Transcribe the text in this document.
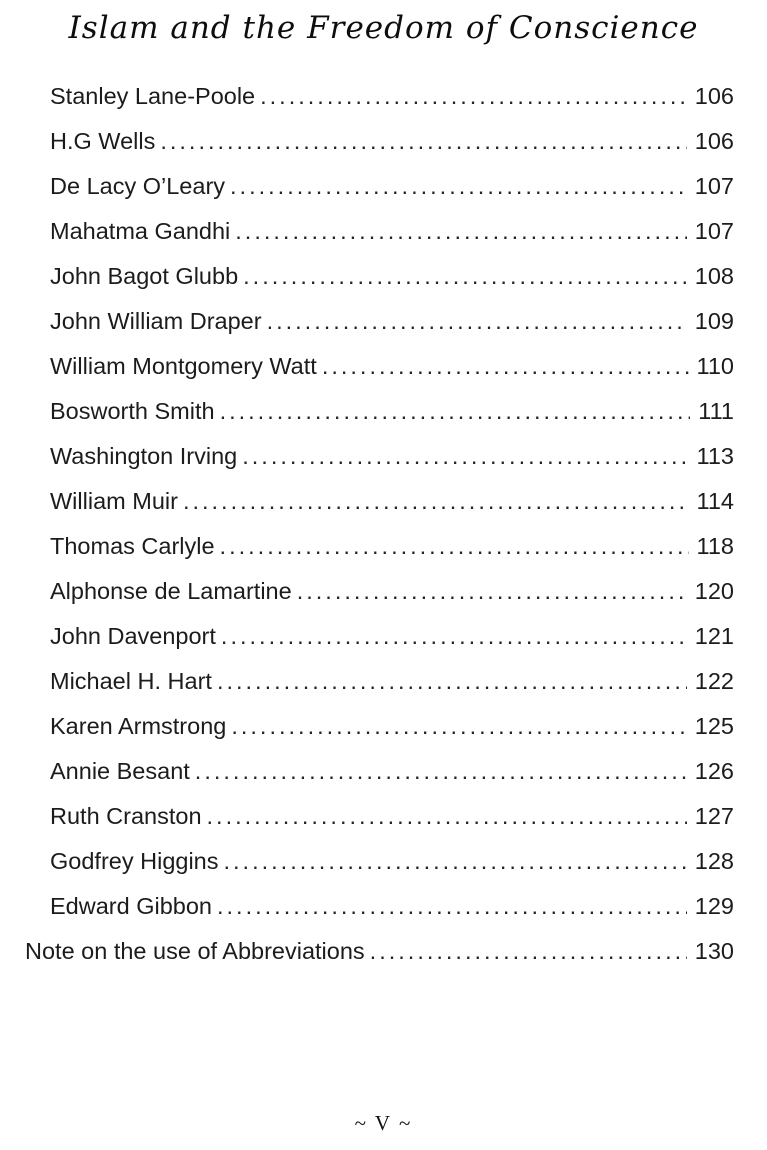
Islam and the Freedom of Conscience
Stanley Lane-Poole .....	106
H.G Wells .....	106
De Lacy O’Leary .....	107
Mahatma Gandhi .....	107
John Bagot Glubb .....	108
John William Draper .....	109
William Montgomery Watt .....	110
Bosworth Smith .....	111
Washington Irving .....	113
William Muir .....	114
Thomas Carlyle .....	118
Alphonse de Lamartine .....	120
John Davenport .....	121
Michael H. Hart .....	122
Karen Armstrong .....	125
Annie Besant .....	126
Ruth Cranston .....	127
Godfrey Higgins .....	128
Edward Gibbon .....	129
Note on the use of Abbreviations .....	130
~ V ~
